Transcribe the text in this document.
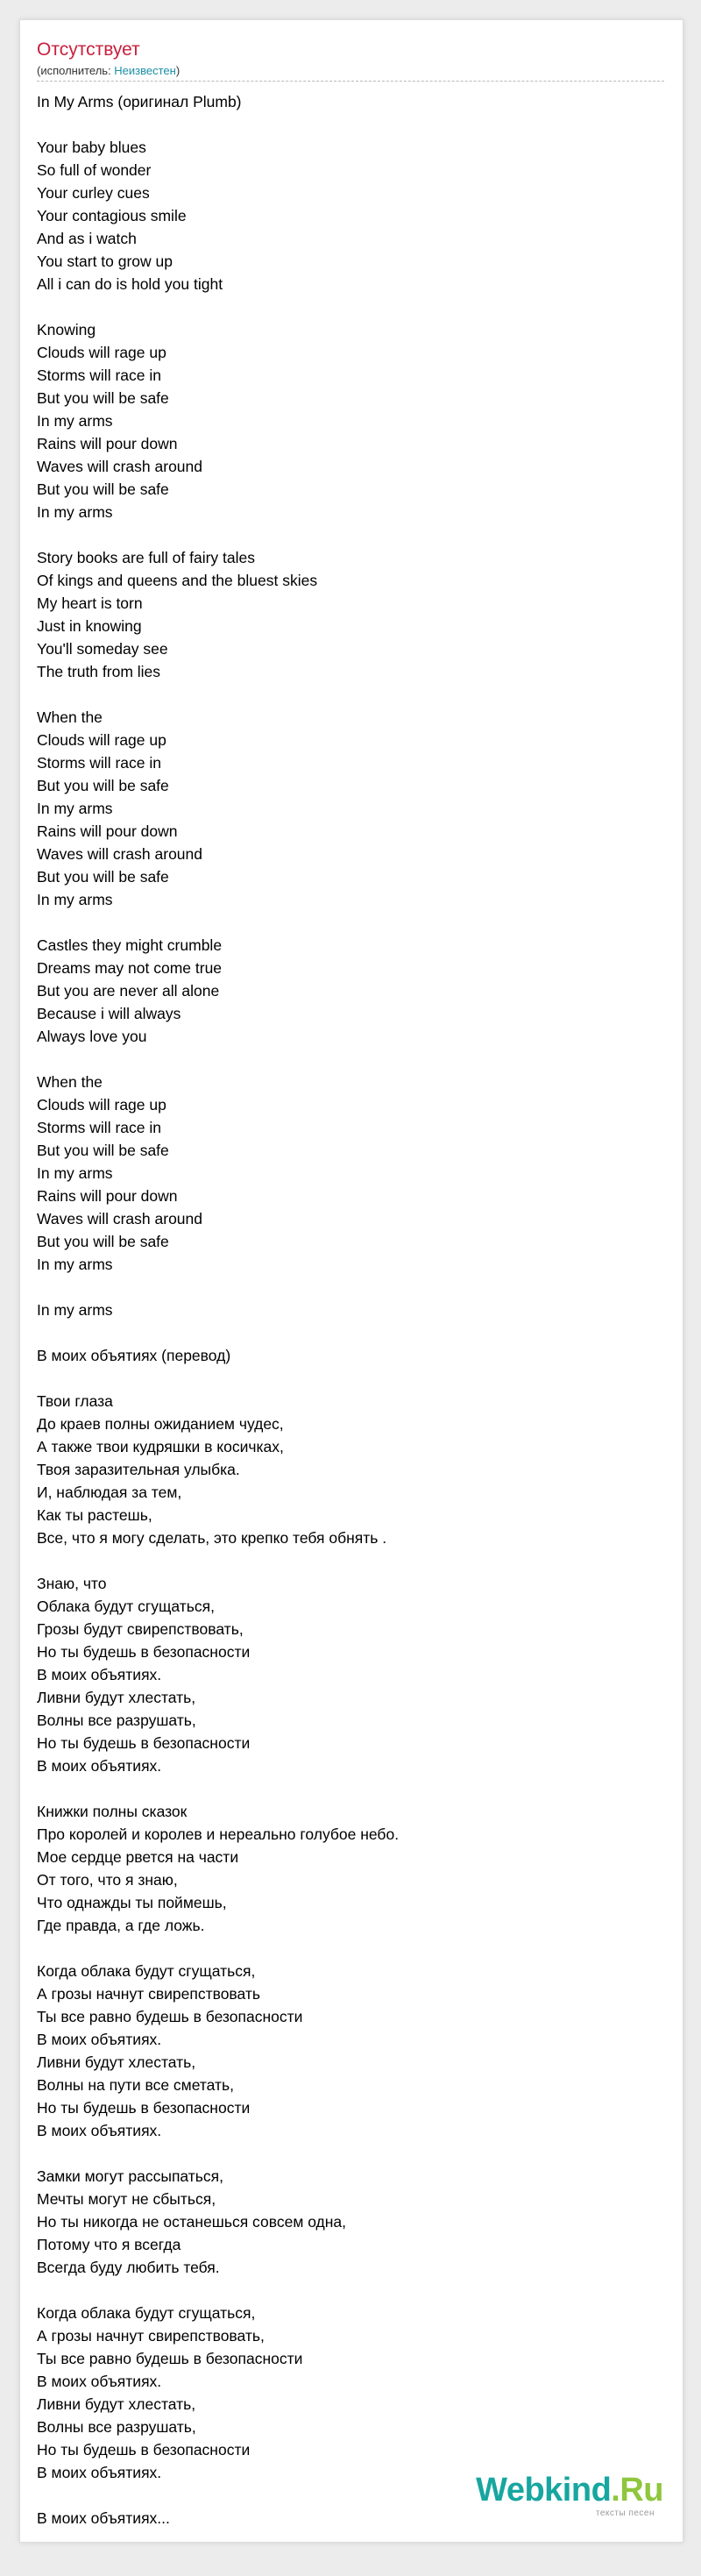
Отсутствует
(исполнитель: Неизвестен)
In My Arms (оригинал Plumb)
Your baby blues
So full of wonder
Your curley cues
Your contagious smile
And as i watch
You start to grow up
All i can do is hold you tight
Knowing
Clouds will rage up
Storms will race in
But you will be safe
In my arms
Rains will pour down
Waves will crash around
But you will be safe
In my arms
Story books are full of fairy tales
Of kings and queens and the bluest skies
My heart is torn
Just in knowing
You'll someday see
The truth from lies
When the
Clouds will rage up
Storms will race in
But you will be safe
In my arms
Rains will pour down
Waves will crash around
But you will be safe
In my arms
Castles they might crumble
Dreams may not come true
But you are never all alone
Because i will always
Always love you
When the
Clouds will rage up
Storms will race in
But you will be safe
In my arms
Rains will pour down
Waves will crash around
But you will be safe
In my arms
In my arms
В моих объятиях (перевод)
Твои глаза
До краев полны ожиданием чудес,
А также твои кудряшки в косичках,
Твоя заразительная улыбка.
И, наблюдая за тем,
Как ты растешь,
Все, что я могу сделать, это крепко тебя обнять .
Знаю, что
Облака будут сгущаться,
Грозы будут свирепствовать,
Но ты будешь в безопасности
В моих объятиях.
Ливни будут хлестать,
Волны все разрушать,
Но ты будешь в безопасности
В моих объятиях.
Книжки полны сказок
Про королей и королев и нереально голубое небо.
Мое сердце рвется на части
От того, что я знаю,
Что однажды ты поймешь,
Где правда, а где ложь.
Когда облака будут сгущаться,
А грозы начнут свирепствовать
Ты все равно будешь в безопасности
В моих объятиях.
Ливни будут хлестать,
Волны на пути все сметать,
Но ты будешь в безопасности
В моих объятиях.
Замки могут рассыпаться,
Мечты могут не сбыться,
Но ты никогда не останешься совсем одна,
Потому что я всегда
Всегда буду любить тебя.
Когда облака будут сгущаться,
А грозы начнут свирепствовать,
Ты все равно будешь в безопасности
В моих объятиях.
Ливни будут хлестать,
Волны все разрушать,
Но ты будешь в безопасности
В моих объятиях.
В моих объятиях...
Webkind.Ru
тексты песен
